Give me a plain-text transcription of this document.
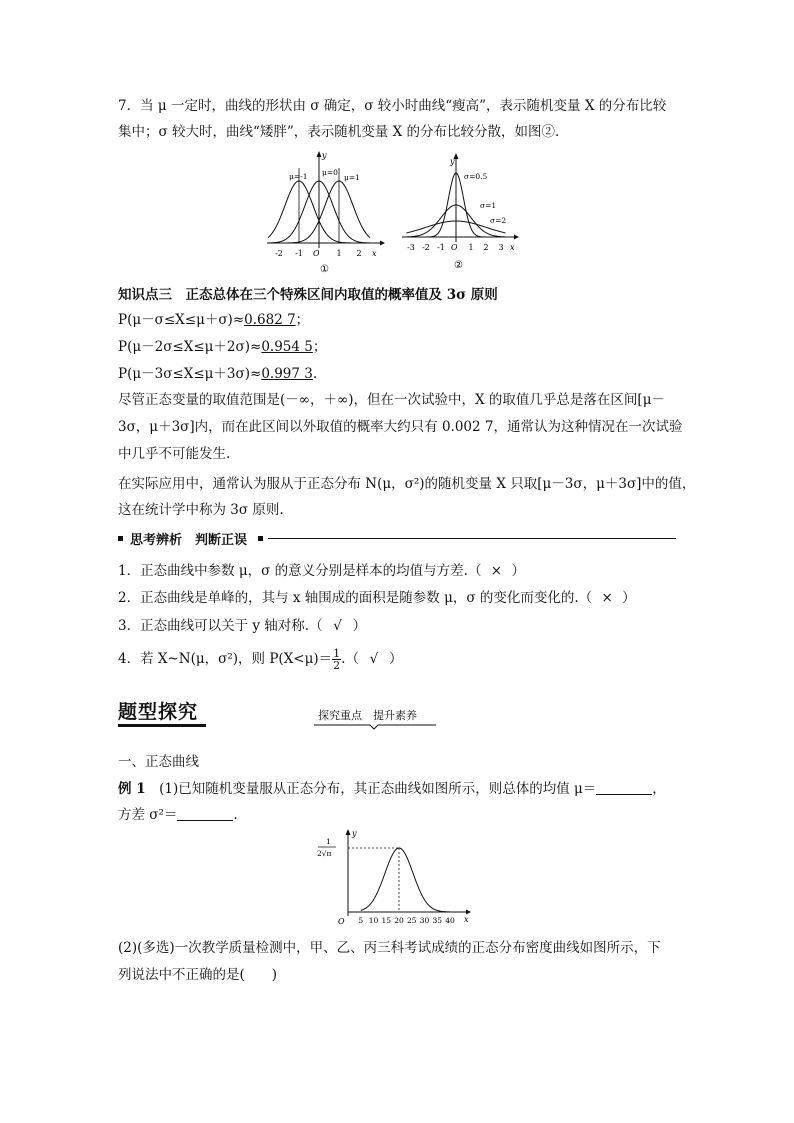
7．当 μ 一定时，曲线的形状由 σ 确定，σ 较小时曲线“瘦高”，表示随机变量 X 的分布比较
集中；σ 较大时，曲线“矮胖”，表示随机变量 X 的分布比较分散，如图②.
y
x
O
-2 -1	1 2
μ=-1 μ=0
μ=1
①
y
x
O
-3 -2 -1	1 2 3
σ=0.5
σ=1
σ=2
②
知识点三　正态总体在三个特殊区间内取值的概率值及 3σ 原则
P(μ－σ≤X≤μ＋σ)≈0.682 7；
P(μ－2σ≤X≤μ＋2σ)≈0.954 5；
P(μ－3σ≤X≤μ＋3σ)≈0.997 3.
尽管正态变量的取值范围是(－∞，＋∞)，但在一次试验中，X 的取值几乎总是落在区间[μ－
3σ，μ＋3σ]内，而在此区间以外取值的概率大约只有 0.002 7，通常认为这种情况在一次试验
中几乎不可能发生.
在实际应用中，通常认为服从于正态分布 N(μ，σ²)的随机变量 X 只取[μ－3σ，μ＋3σ]中的值，
这在统计学中称为 3σ 原则.
思考辨析　判断正误
1．正态曲线中参数 μ，σ 的意义分别是样本的均值与方差.（ × ）
2．正态曲线是单峰的，其与 x 轴围成的面积是随参数 μ，σ 的变化而变化的.（ × ）
3．正态曲线可以关于 y 轴对称.（ √ ）
4．若 X~N(μ，σ²)，则 $P(X<\mu)= \frac{1}{2}$ .（ √ ）
题型探究	探究重点　提升素养
一、正态曲线
例 1　 (1)已知随机变量服从正态分布，其正态曲线如图所示，则总体的均值 μ＝	，
方差 σ²＝	.
y
x
O
1
2√π
5 10 15 20 25 30 35 40
(2)(多选)一次教学质量检测中，甲、乙、丙三科考试成绩的正态分布密度曲线如图所示，下
列说法中不正确的是(　　)
